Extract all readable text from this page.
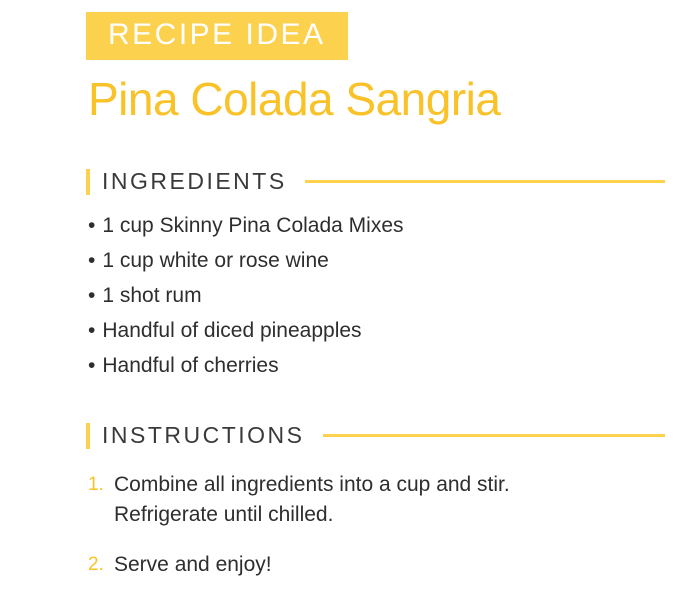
RECIPE IDEA
Pina Colada Sangria
INGREDIENTS
• 1 cup Skinny Pina Colada Mixes
• 1 cup white or rose wine
• 1 shot rum
• Handful of diced pineapples
• Handful of cherries
INSTRUCTIONS
1. Combine all ingredients into a cup and stir.
Refrigerate until chilled.
2. Serve and enjoy!
